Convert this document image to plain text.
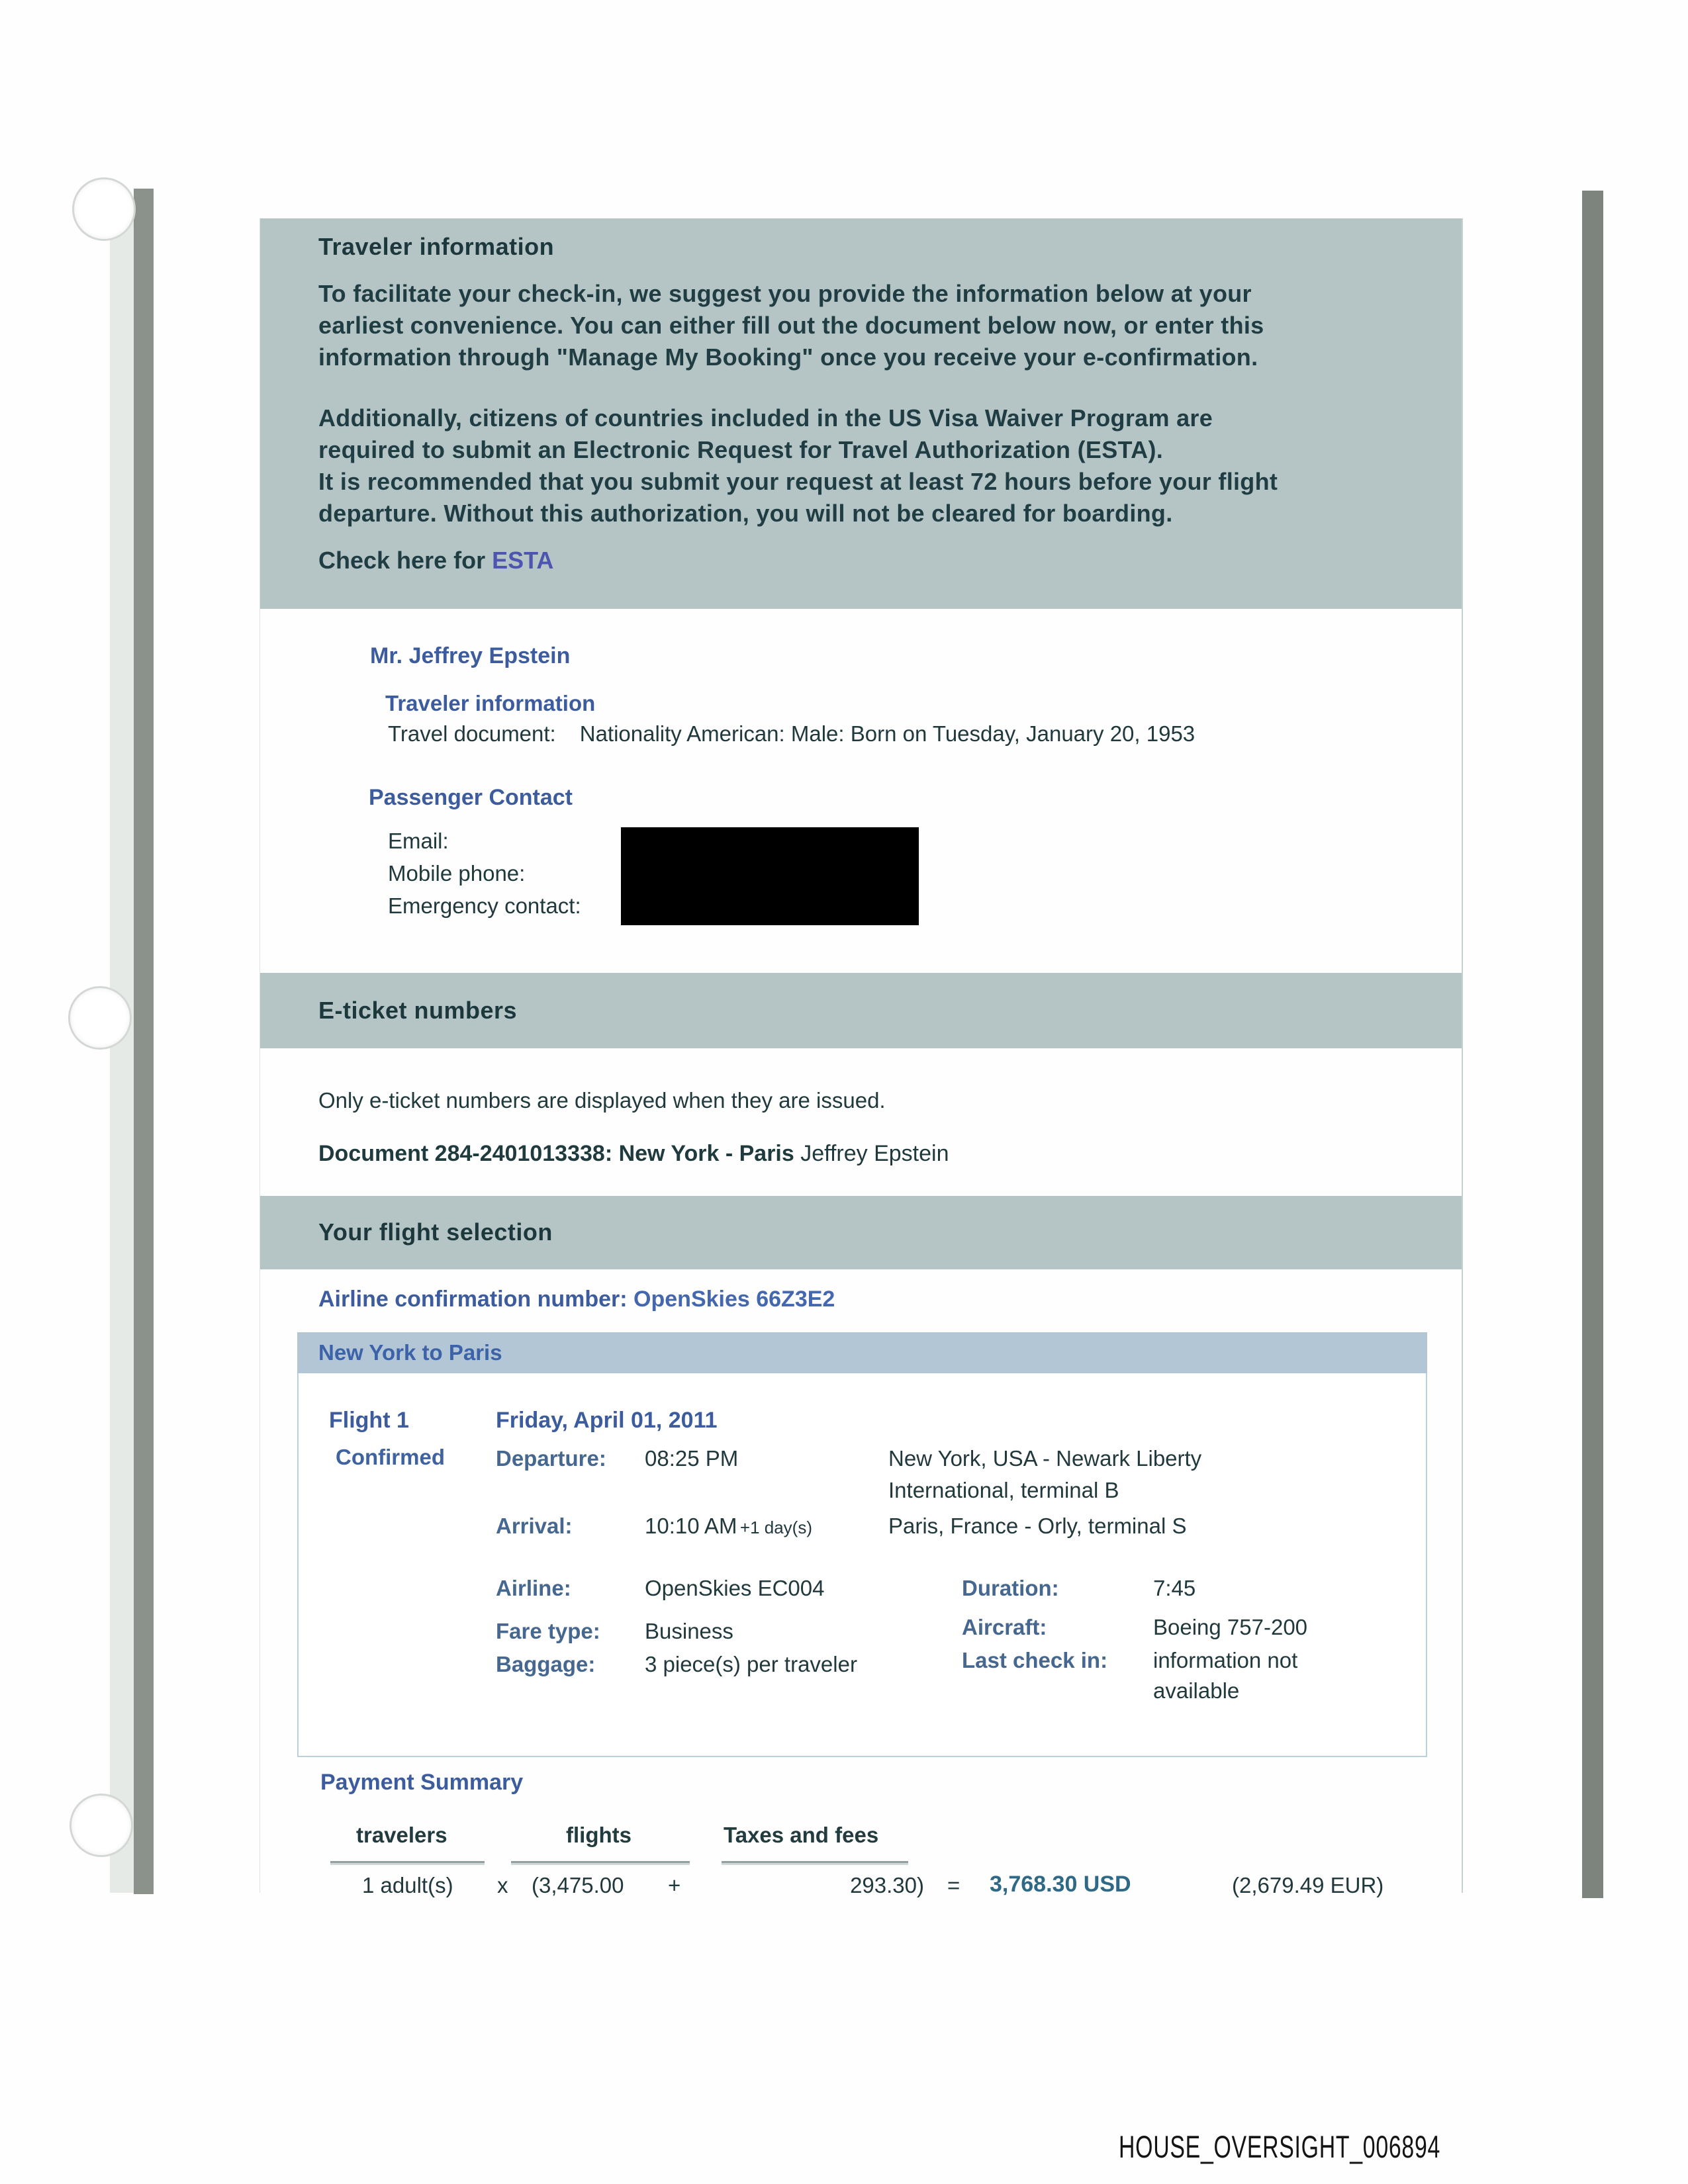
Traveler information
To facilitate your check-in, we suggest you provide the information below at your
earliest convenience. You can either fill out the document below now, or enter this
information through "Manage My Booking" once you receive your e-confirmation.
Additionally, citizens of countries included in the US Visa Waiver Program are
required to submit an Electronic Request for Travel Authorization (ESTA).
It is recommended that you submit your request at least 72 hours before your flight
departure. Without this authorization, you will not be cleared for boarding.
Check here for ESTA
Mr. Jeffrey Epstein
Traveler information
Travel document: Nationality American: Male: Born on Tuesday, January 20, 1953
Passenger Contact
Email:
Mobile phone:
Emergency contact:
E-ticket numbers
Only e-ticket numbers are displayed when they are issued.
Document 284-2401013338: New York - Paris Jeffrey Epstein
Your flight selection
Airline confirmation number: OpenSkies 66Z3E2
New York to Paris
Flight 1
Confirmed
Friday, April 01, 2011
Departure: 08:25 PM	New York, USA - Newark Liberty
International, terminal B
Arrival:	10:10 AM +1 day(s)	Paris, France - Orly, terminal S
Airline:	OpenSkies EC004	Duration:	7:45
Fare type: Business	Aircraft:	Boeing 757-200
Baggage: 3 piece(s) per traveler	Last check in: information not
available
Payment Summary
travelers	flights	Taxes and fees
1 adult(s) x (3,475.00 +	293.30) = 3,768.30 USD	(2,679.49 EUR)
HOUSE_OVERSIGHT_006894
